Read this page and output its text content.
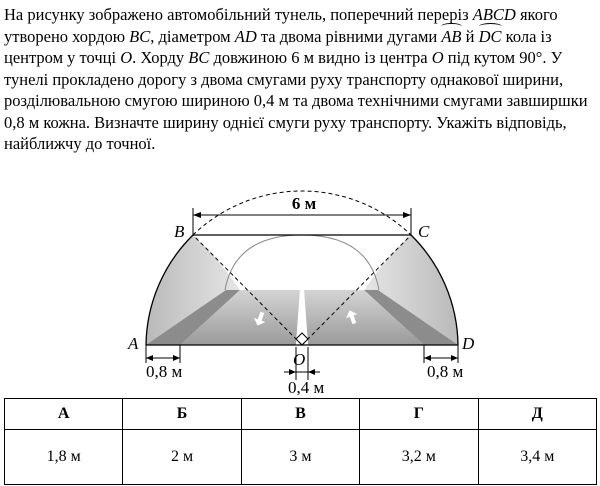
На рисунку зображено автомобільний тунель, поперечний переріз ABCD якого утворено хордою BC, діаметром AD та двома рівними дугами AB й DC кола із центром у точці O. Хорду BC довжиною 6 м видно із центра O під кутом 90°. У тунелі прокладено дорогу з двома смугами руху транспорту однакової ширини, розділювальною смугою шириною 0,4 м та двома технічними смугами завширшки 0,8 м кожна. Визначте ширину однієї смуги руху транспорту. Укажіть відповідь, найближчу до точної.

6 м
B	C
A	D
O
0,8 м	0,8 м
0,4 м
А	Б	В	Г	Д
1,8 м	2 м	3 м	3,2 м	3,4 м
